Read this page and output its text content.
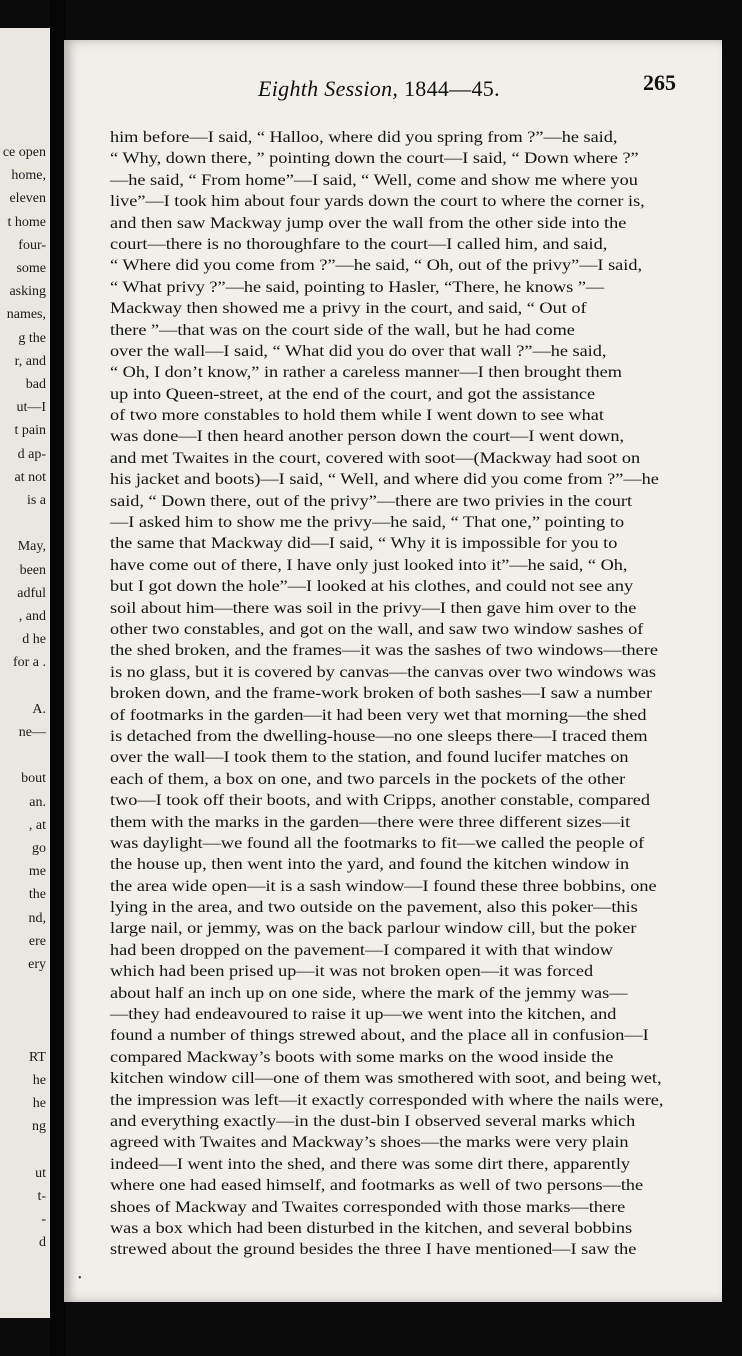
ce open
home,
eleven
t home
four-
some
asking
names,
g the
r, and
bad
ut—I
t pain
d ap-
at not
is a
May,
been
adful
, and
d he
for a .
A.
ne—
bout
an.
, at
go
me
the
nd,
ere
ery
RT
he
he
ng
ut
t-
-
d
Eighth Session, 1844—45.	265
him before—I said, “ Halloo, where did you spring from ?”—he said,
“ Why, down there, ” pointing down the court—I said, “ Down where ?”
—he said, “ From home”—I said, “ Well, come and show me where you
live”—I took him about four yards down the court to where the corner is,
and then saw Mackway jump over the wall from the other side into the
court—there is no thoroughfare to the court—I called him, and said,
“ Where did you come from ?”—he said, “ Oh, out of the privy”—I said,
“ What privy ?”—he said, pointing to Hasler, “There, he knows ”—
Mackway then showed me a privy in the court, and said, “ Out of
there ”—that was on the court side of the wall, but he had come
over the wall—I said, “ What did you do over that wall ?”—he said,
“ Oh, I don’t know,” in rather a careless manner—I then brought them
up into Queen-street, at the end of the court, and got the assistance
of two more constables to hold them while I went down to see what
was done—I then heard another person down the court—I went down,
and met Twaites in the court, covered with soot—(Mackway had soot on
his jacket and boots)—I said, “ Well, and where did you come from ?”—he
said, “ Down there, out of the privy”—there are two privies in the court
—I asked him to show me the privy—he said, “ That one,” pointing to
the same that Mackway did—I said, “ Why it is impossible for you to
have come out of there, I have only just looked into it”—he said, “ Oh,
but I got down the hole”—I looked at his clothes, and could not see any
soil about him—there was soil in the privy—I then gave him over to the
other two constables, and got on the wall, and saw two window sashes of
the shed broken, and the frames—it was the sashes of two windows—there
is no glass, but it is covered by canvas—the canvas over two windows was
broken down, and the frame-work broken of both sashes—I saw a number
of footmarks in the garden—it had been very wet that morning—the shed
is detached from the dwelling-house—no one sleeps there—I traced them
over the wall—I took them to the station, and found lucifer matches on
each of them, a box on one, and two parcels in the pockets of the other
two—I took off their boots, and with Cripps, another constable, compared
them with the marks in the garden—there were three different sizes—it
was daylight—we found all the footmarks to fit—we called the people of
the house up, then went into the yard, and found the kitchen window in
the area wide open—it is a sash window—I found these three bobbins, one
lying in the area, and two outside on the pavement, also this poker—this
large nail, or jemmy, was on the back parlour window cill, but the poker
had been dropped on the pavement—I compared it with that window
which had been prised up—it was not broken open—it was forced
about half an inch up on one side, where the mark of the jemmy was—
—they had endeavoured to raise it up—we went into the kitchen, and
found a number of things strewed about, and the place all in confusion—I
compared Mackway’s boots with some marks on the wood inside the
kitchen window cill—one of them was smothered with soot, and being wet,
the impression was left—it exactly corresponded with where the nails were,
and everything exactly—in the dust-bin I observed several marks which
agreed with Twaites and Mackway’s shoes—the marks were very plain
indeed—I went into the shed, and there was some dirt there, apparently
where one had eased himself, and footmarks as well of two persons—the
shoes of Mackway and Twaites corresponded with those marks—there
was a box which had been disturbed in the kitchen, and several bobbins
strewed about the ground besides the three I have mentioned—I saw the
•
